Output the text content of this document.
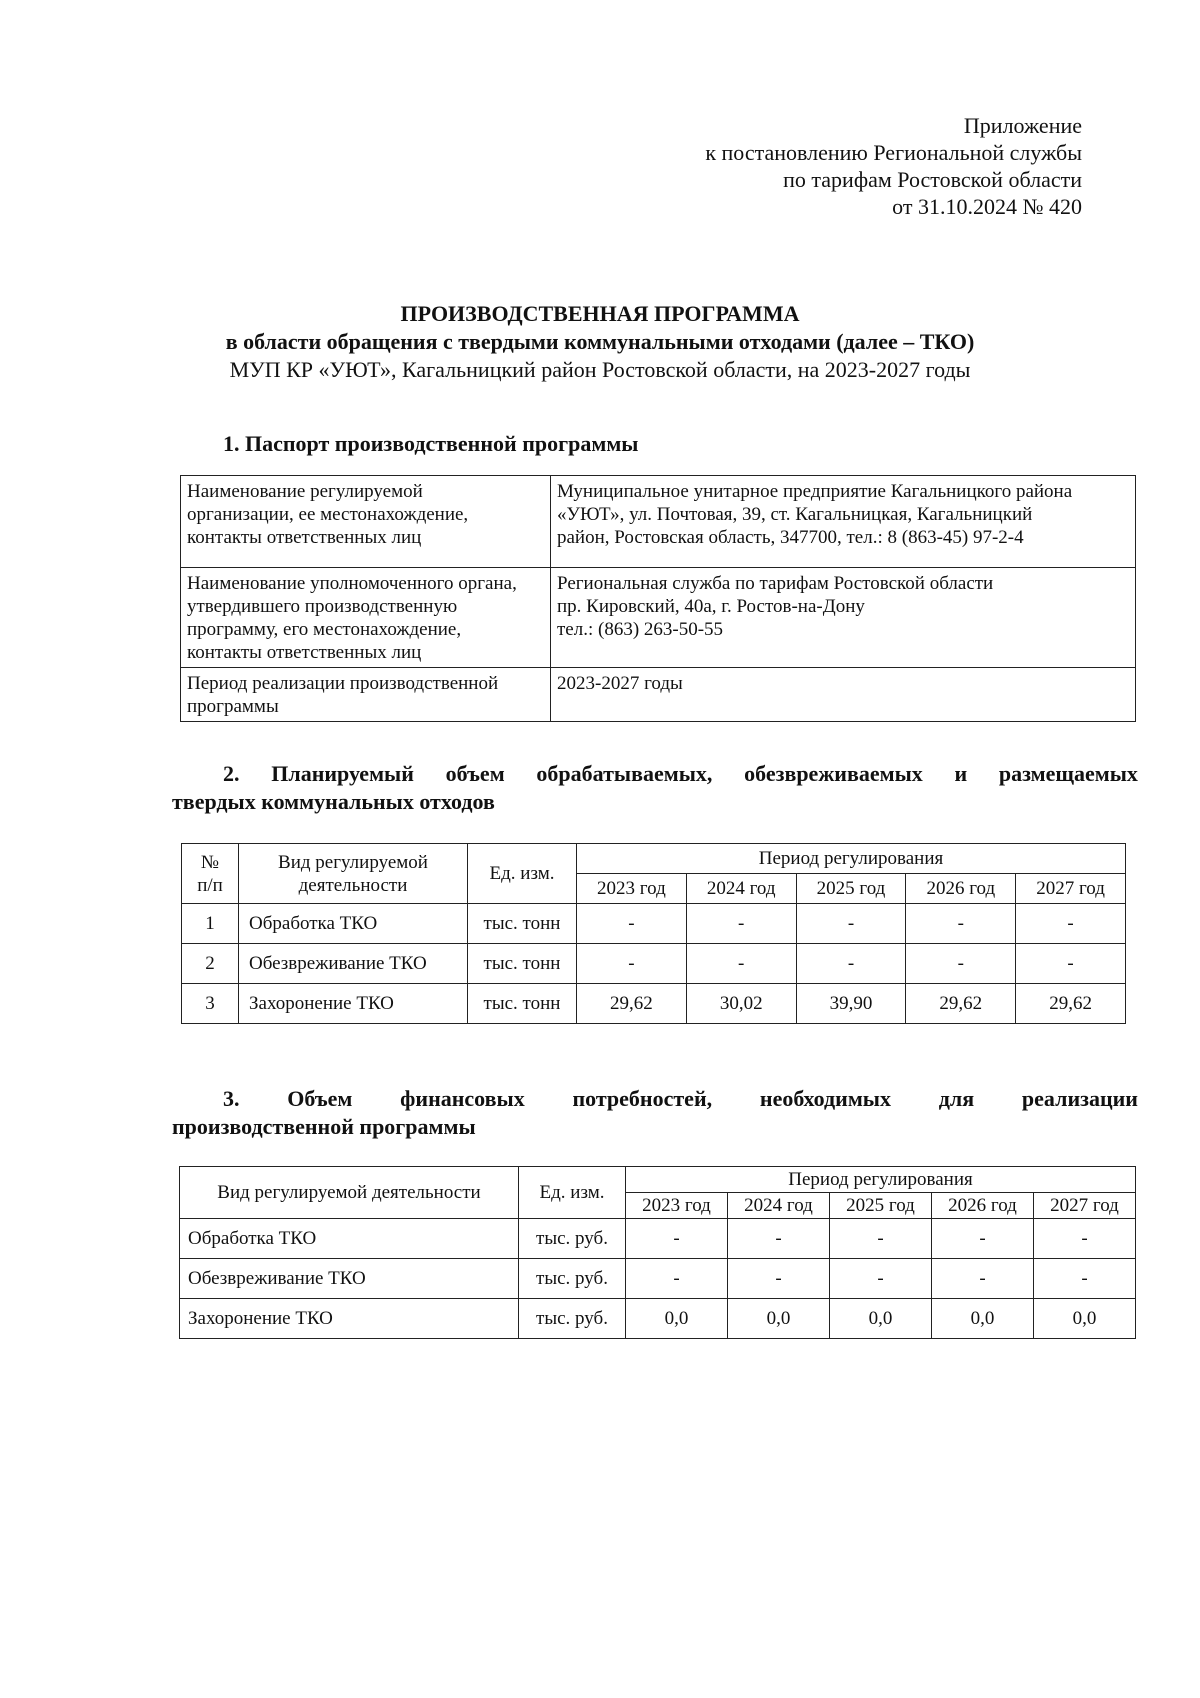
Приложение
к постановлению Региональной службы
по тарифам Ростовской области
от 31.10.2024 № 420
ПРОИЗВОДСТВЕННАЯ ПРОГРАММА
в области обращения с твердыми коммунальными отходами (далее – ТКО)
МУП КР «УЮТ», Кагальницкий район Ростовской области, на 2023-2027 годы
1. Паспорт производственной программы
Наименование регулируемой
организации, ее местонахождение,
контакты ответственных лиц	Муниципальное унитарное предприятие Кагальницкого района
«УЮТ», ул. Почтовая, 39, ст. Кагальницкая, Кагальницкий
район, Ростовская область, 347700, тел.: 8 (863-45) 97-2-4

Наименование уполномоченного органа,
утвердившего производственную
программу, его местонахождение,
контакты ответственных лиц	Региональная служба по тарифам Ростовской области
пр. Кировский, 40а, г. Ростов-на-Дону
тел.: (863) 263-50-55

Период реализации производственной
программы	2023-2027 годы
2. Планируемый объем обрабатываемых, обезвреживаемых и размещаемых
твердых коммунальных отходов
№
п/п	Вид регулируемой
деятельности	Ед. изм.	Период регулирования				
			2023 год	2024 год	2025 год	2026 год	2027 год
1	Обработка ТКО	тыс. тонн	-	-	-	-	-
2	Обезвреживание ТКО	тыс. тонн	-	-	-	-	-
3	Захоронение ТКО	тыс. тонн	29,62	30,02	39,90	29,62	29,62
3. Объем финансовых потребностей, необходимых для реализации
производственной программы
Вид регулируемой деятельности	Ед. изм.	Период регулирования				
		2023 год	2024 год	2025 год	2026 год	2027 год
Обработка ТКО	тыс. руб.	-	-	-	-	-
Обезвреживание ТКО	тыс. руб.	-	-	-	-	-
Захоронение ТКО	тыс. руб.	0,0	0,0	0,0	0,0	0,0
